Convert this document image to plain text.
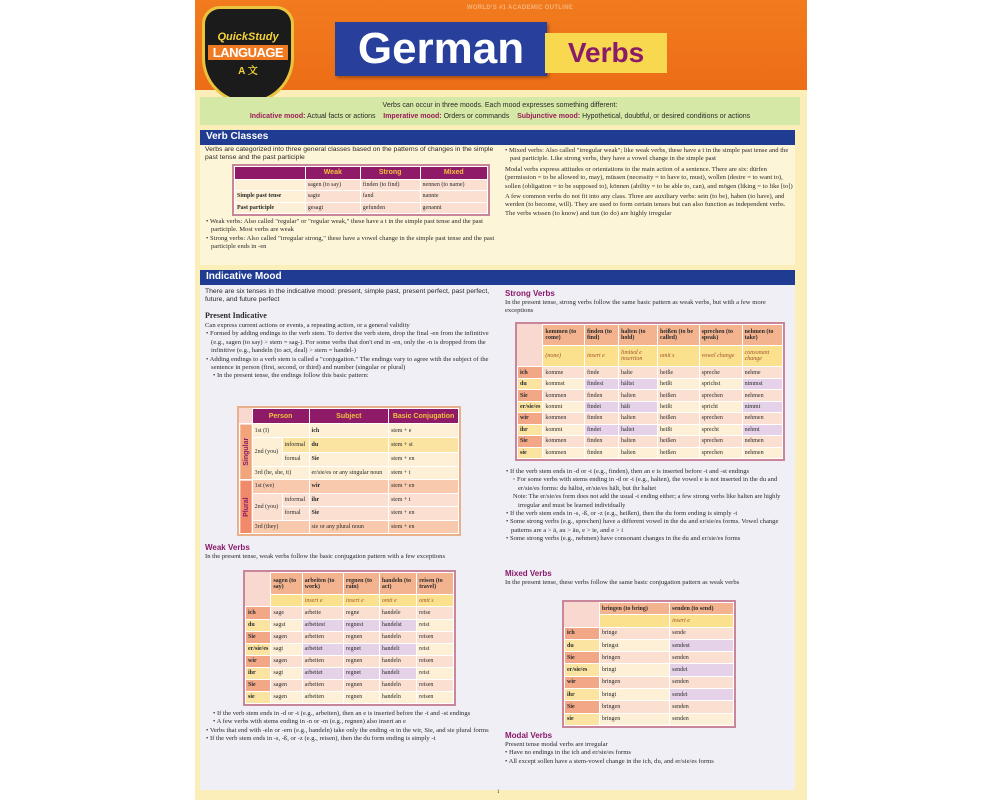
WORLD'S #1 ACADEMIC OUTLINE
QuickStudy
LANGUAGE
A 文	German	Verbs
Verbs can occur in three moods. Each mood expresses something different:
Indicative mood: Actual facts or actions Imperative mood: Orders or commands Subjunctive mood: Hypothetical, doubtful, or desired conditions or actions
Verb Classes
Verbs are categorized into three general classes based on the patterns of changes in the simple past tense and the past participle
	Weak	Strong	Mixed
	sagen (to say)	finden (to find)	nennen (to name)
Simple past tense	sagte	fand	nannte
Past participle	gesagt	gefunden	genannt
• Weak verbs: Also called "regular" or "regular weak," these have a t in the simple past tense and the past participle. Most verbs are weak
• Strong verbs: Also called "irregular strong," these have a vowel change in the simple past tense and the past participle ends in -en
• Mixed verbs: Also called "irregular weak"; like weak verbs, these have a t in the simple past tense and the past participle. Like strong verbs, they have a vowel change in the simple past
Modal verbs express attitudes or orientations to the main action of a sentence. There are six: dürfen (permission = to be allowed to, may), müssen (necessity = to have to, must), wollen (desire = to want to), sollen (obligation = to be supposed to), können (ability = to be able to, can), and mögen (liking = to like [to])
A few common verbs do not fit into any class. Three are auxiliary verbs: sein (to be), haben (to have), and werden (to become, will). They are used to form certain tenses but can also function as independent verbs. The verbs wissen (to know) and tun (to do) are highly irregular
Indicative Mood
There are six tenses in the indicative mood: present, simple past, present perfect, past perfect, future, and future perfect
Present Indicative
Can express current actions or events, a repeating action, or a general validity
• Formed by adding endings to the verb stem. To derive the verb stem, drop the final -en from the infinitive (e.g., sagen (to say) > stem = sag-). For some verbs that don't end in -en, only the -n is dropped from the infinitive (e.g., handeln (to act, deal) > stem = handel-)
• Adding endings to a verb stem is called a "conjugation." The endings vary to agree with the subject of the sentence in person (first, second, or third) and number (singular or plural)
• In the present tense, the endings follow this basic pattern:
	Person		Subject	Basic Conjugation
Singular	1st (I)		ich	stem + e
	2nd (you)	informal	du	stem + st
		formal	Sie	stem + en
	3rd (he, she, it)		er/sie/es or any singular noun	stem + t
Plural	1st (we)		wir	stem + en
	2nd (you)	informal	ihr	stem + t
		formal	Sie	stem + en
	3rd (they)		sie or any plural noun	stem + en
Weak Verbs
In the present tense, weak verbs follow the basic conjugation pattern with a few exceptions
	sagen (to say)	arbeiten (to work)	regnen (to rain)	handeln (to act)	reisen (to travel)
		insert e	insert e	omit e	omit s
ich	sage	arbeite	regne	handele	reise
du	sagst	arbeitest	regnest	handelst	reist
Sie	sagen	arbeiten	regnen	handeln	reisen
er/sie/es	sagt	arbeitet	regnet	handelt	reist
wir	sagen	arbeiten	regnen	handeln	reisen
ihr	sagt	arbeitet	regnet	handelt	reist
Sie	sagen	arbeiten	regnen	handeln	reisen
sie	sagen	arbeiten	regnen	handeln	reisen
• If the verb stem ends in -d or -t (e.g., arbeiten), then an e is inserted before the -t and -st endings
• A few verbs with stems ending in -n or -m (e.g., regnen) also insert an e
• Verbs that end with -eln or -ern (e.g., handeln) take only the ending -n in the wir, Sie, and sie plural forms
• If the verb stem ends in -s, -ß, or -z (e.g., reisen), then the du form ending is simply -t
Strong Verbs
In the present tense, strong verbs follow the same basic pattern as weak verbs, but with a few more exceptions
	kommen (to come)	finden (to find)	halten (to hold)	heißen (to be called)	sprechen (to speak)	nehmen (to take)
	(none)	insert e	limited e insertion	omit s	vowel change	consonant change
ich	komme	finde	halte	heiße	spreche	nehme
du	kommst	findest	hältst	heißt	sprichst	nimmst
Sie	kommen	finden	halten	heißen	sprechen	nehmen
er/sie/es	kommt	findet	hält	heißt	spricht	nimmt
wir	kommen	finden	halten	heißen	sprechen	nehmen
ihr	kommt	findet	haltet	heißt	sprecht	nehmt
Sie	kommen	finden	halten	heißen	sprechen	nehmen
sie	kommen	finden	halten	heißen	sprechen	nehmen
• If the verb stem ends in -d or -t (e.g., finden), then an e is inserted before -t and -st endings
◦ For some verbs with stems ending in -d or -t (e.g., halten), the vowel e is not inserted in the du and er/sie/es forms: du hältst, er/sie/es hält, but ihr haltet
Note: The er/sie/es form does not add the usual -t ending either; a few strong verbs like halten are highly irregular and must be learned individually
• If the verb stem ends in -s, -ß, or -z (e.g., heißen), then the du form ending is simply -t
• Some strong verbs (e.g., sprechen) have a different vowel in the du and er/sie/es forms. Vowel change patterns are a > ä, au > äu, e > ie, and e > i
• Some strong verbs (e.g., nehmen) have consonant changes in the du and er/sie/es forms
Mixed Verbs
In the present tense, these verbs follow the same basic conjugation pattern as weak verbs
	bringen (to bring)	senden (to send)
		insert e
ich	bringe	sende
du	bringst	sendest
Sie	bringen	senden
er/sie/es	bringt	sendet
wir	bringen	senden
ihr	bringt	sendet
Sie	bringen	senden
sie	bringen	senden
Modal Verbs
Present tense modal verbs are irregular
• Have no endings in the ich and er/sie/es forms
• All except sollen have a stem-vowel change in the ich, du, and er/sie/es forms
1
